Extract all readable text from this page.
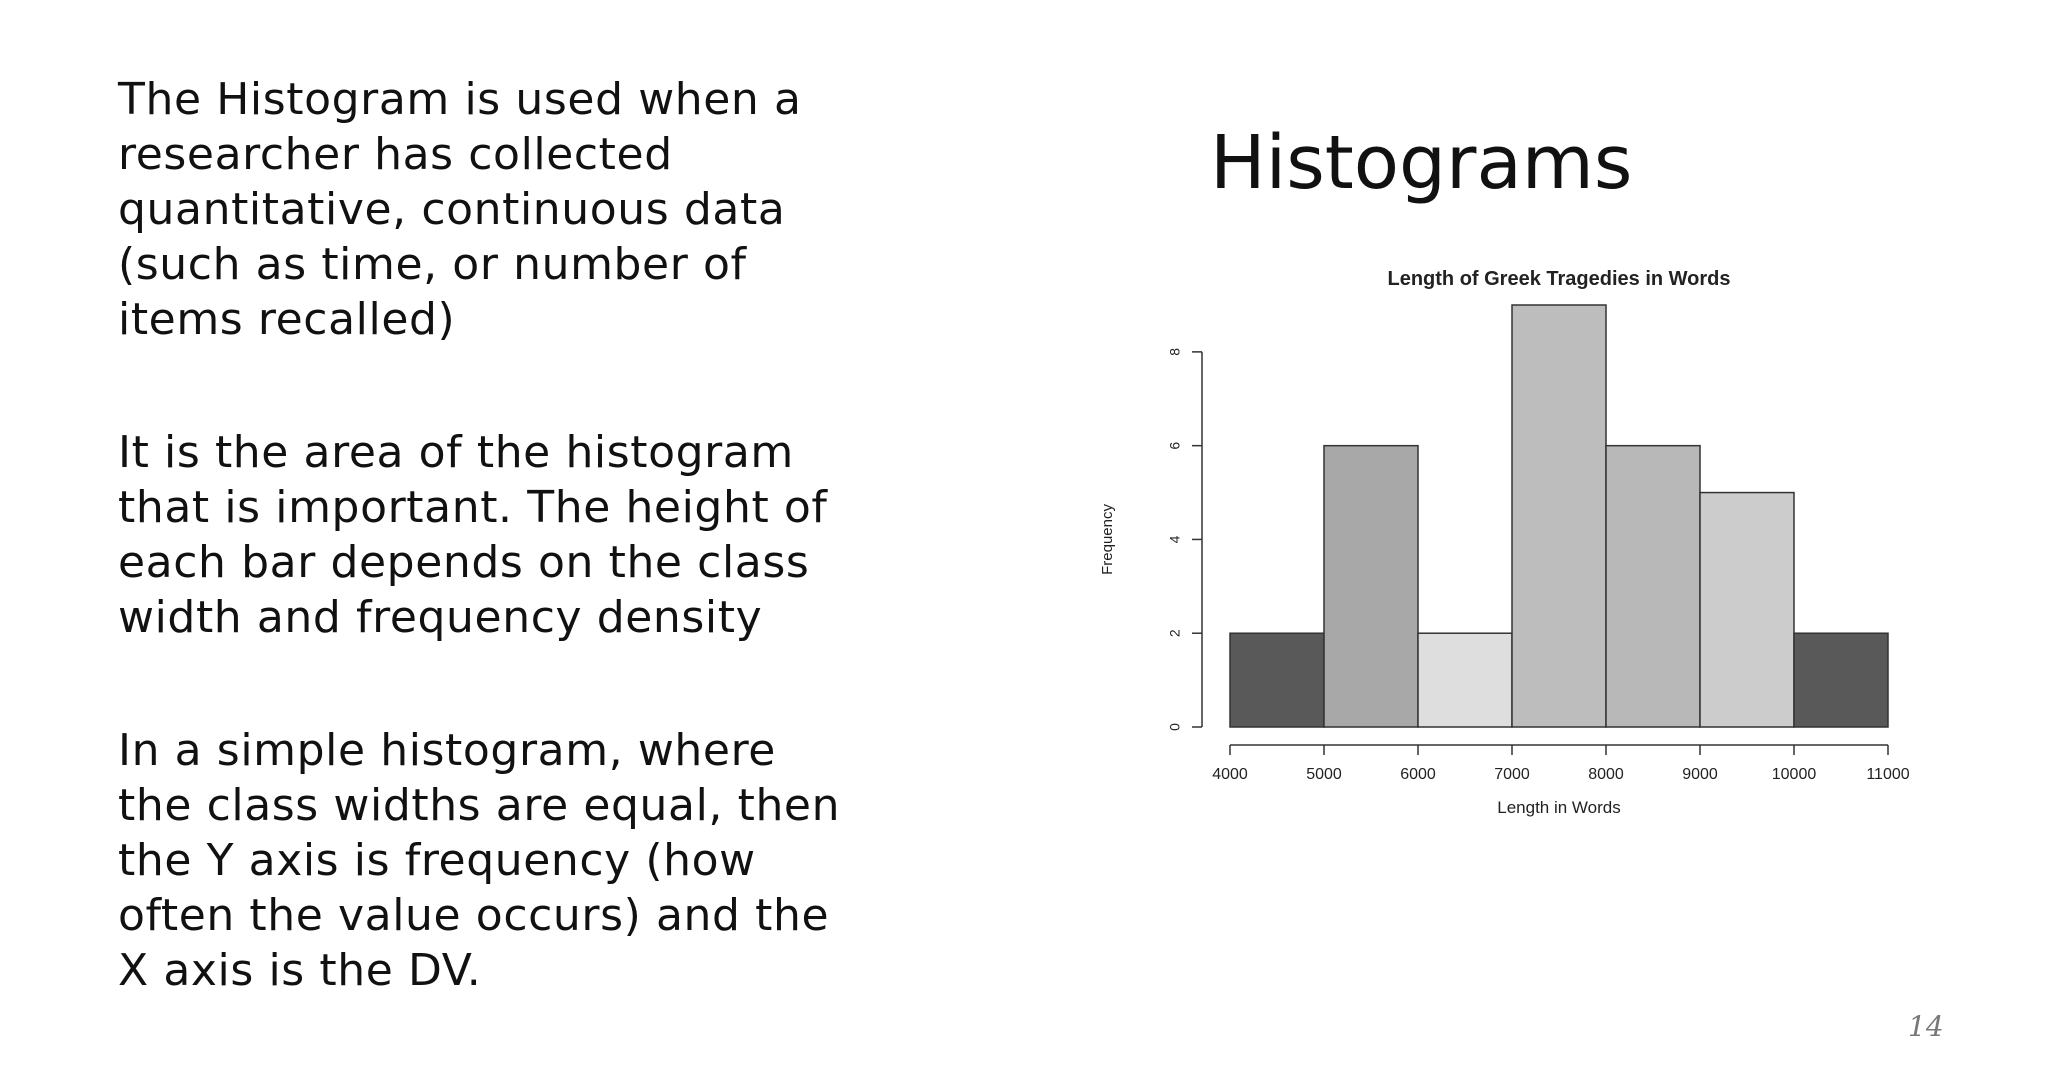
The Histogram is used when a
researcher has collected
quantitative, continuous data
(such as time, or number of
items recalled)

It is the area of the histogram
that is important. The height of
each bar depends on the class
width and frequency density

In a simple histogram, where
the class widths are equal, then
the Y axis is frequency (how
often the value occurs) and the
X axis is the DV.

Histograms
Length of Greek Tragedies in Words
4000	5000	6000	7000	8000	9000	10000	11000
0
2
4
6
8
Length in Words
Frequency
14
